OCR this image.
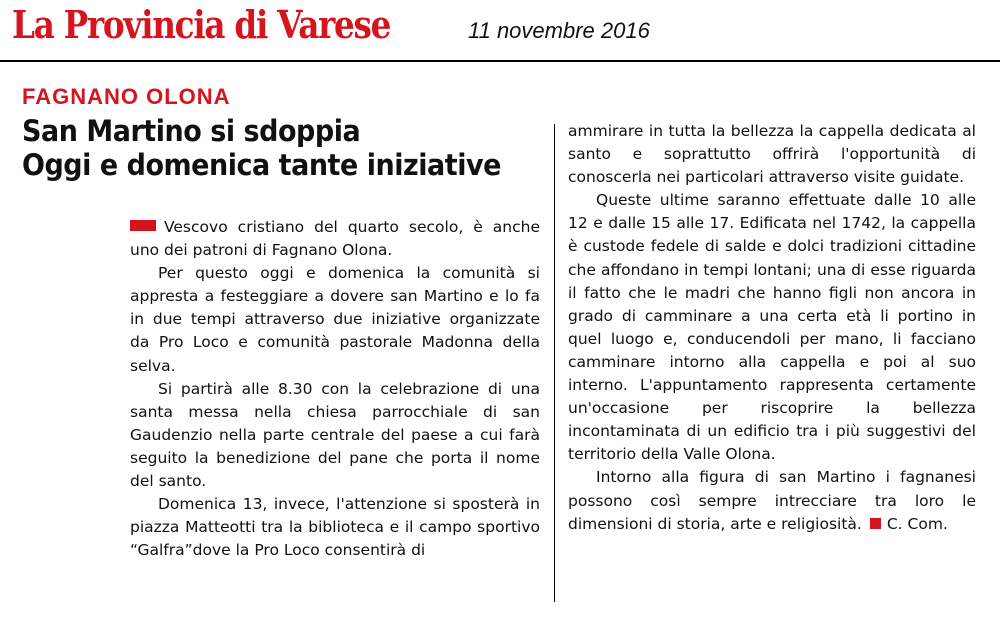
La Provincia di Varese	11 novembre 2016
FAGNANO OLONA
San Martino si sdoppia
Oggi e domenica tante iniziative

Vescovo cristiano del quarto secolo, è anche uno dei patroni di Fagnano Olona.

Per questo oggi e domenica la comunità si appresta a festeggiare a dovere san Martino e lo fa in due tempi attraverso due iniziative organizzate da Pro Loco e comunità pastorale Madonna della selva.

Si partirà alle 8.30 con la celebrazione di una santa messa nella chiesa parrocchiale di san Gaudenzio nella parte centrale del paese a cui farà seguito la benedizione del pane che porta il nome del santo.

Domenica 13, invece, l'attenzione si sposterà in piazza Matteotti tra la biblioteca e il campo sportivo “Galfra”dove la Pro Loco consentirà di

ammirare in tutta la bellezza la cappella dedicata al santo e soprattutto offrirà l'opportunità di conoscerla nei particolari attraverso visite guidate.

Queste ultime saranno effettuate dalle 10 alle 12 e dalle 15 alle 17. Edificata nel 1742, la cappella è custode fedele di salde e dolci tradizioni cittadine che affondano in tempi lontani; una di esse riguarda il fatto che le madri che hanno figli non ancora in grado di camminare a una certa età li portino in quel luogo e, conducendoli per mano, li facciano camminare intorno alla cappella e poi al suo interno. L'appuntamento rappresenta certamente un'occasione per riscoprire la bellezza incontaminata di un edificio tra i più suggestivi del territorio della Valle Olona.

Intorno alla figura di san Martino i fagnanesi possono così sempre intrecciare tra loro le dimensioni di storia, arte e religiosità. C. Com.
